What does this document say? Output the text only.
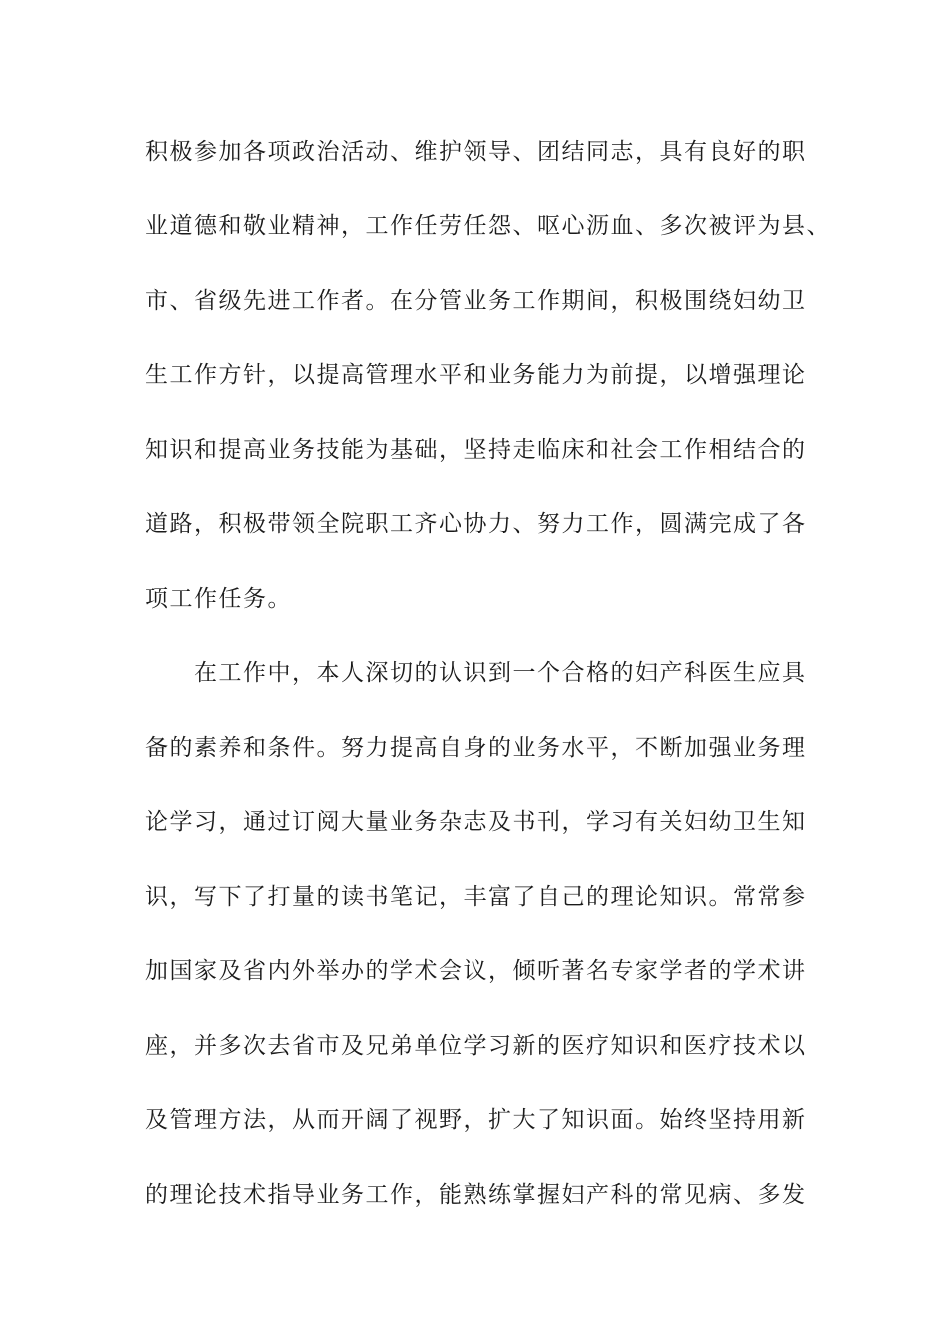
积极参加各项政治活动、维护领导、团结同志，具有良好的职
业道德和敬业精神，工作任劳任怨、呕心沥血、多次被评为县、
市、省级先进工作者。在分管业务工作期间，积极围绕妇幼卫
生工作方针，以提高管理水平和业务能力为前提，以增强理论
知识和提高业务技能为基础，坚持走临床和社会工作相结合的
道路，积极带领全院职工齐心协力、努力工作，圆满完成了各
项工作任务。
在工作中，本人深切的认识到一个合格的妇产科医生应具
备的素养和条件。努力提高自身的业务水平，不断加强业务理
论学习，通过订阅大量业务杂志及书刊，学习有关妇幼卫生知
识，写下了打量的读书笔记，丰富了自己的理论知识。常常参
加国家及省内外举办的学术会议，倾听著名专家学者的学术讲
座，并多次去省市及兄弟单位学习新的医疗知识和医疗技术以
及管理方法，从而开阔了视野，扩大了知识面。始终坚持用新
的理论技术指导业务工作，能熟练掌握妇产科的常见病、多发
